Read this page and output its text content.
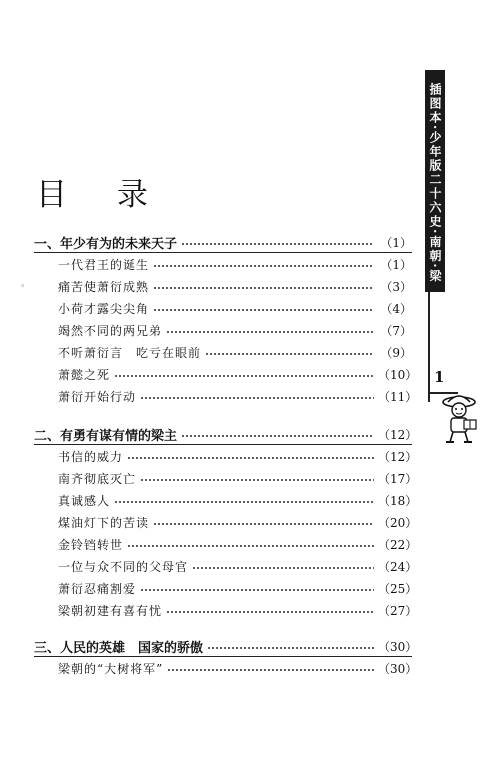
插图本·少年版二十六史·南朝·梁
1
◦
目 录
一、年少有为的未来天子	（1）
一代君王的诞生	（1）
痛苦使萧衍成熟	（3）
小荷才露尖尖角	（4）
竭然不同的两兄弟	（7）
不听萧衍言　吃亏在眼前	（9）
萧懿之死	（10）
萧衍开始行动	（11）
二、有勇有谋有情的梁主	（12）
书信的威力	（12）
南齐彻底灭亡	（17）
真诚感人	（18）
煤油灯下的苦读	（20）
金铃铛转世	（22）
一位与众不同的父母官	（24）
萧衍忍痛割爱	（25）
梁朝初建有喜有忧	（27）
三、人民的英雄　国家的骄傲	（30）
梁朝的“大树将军”	（30）
